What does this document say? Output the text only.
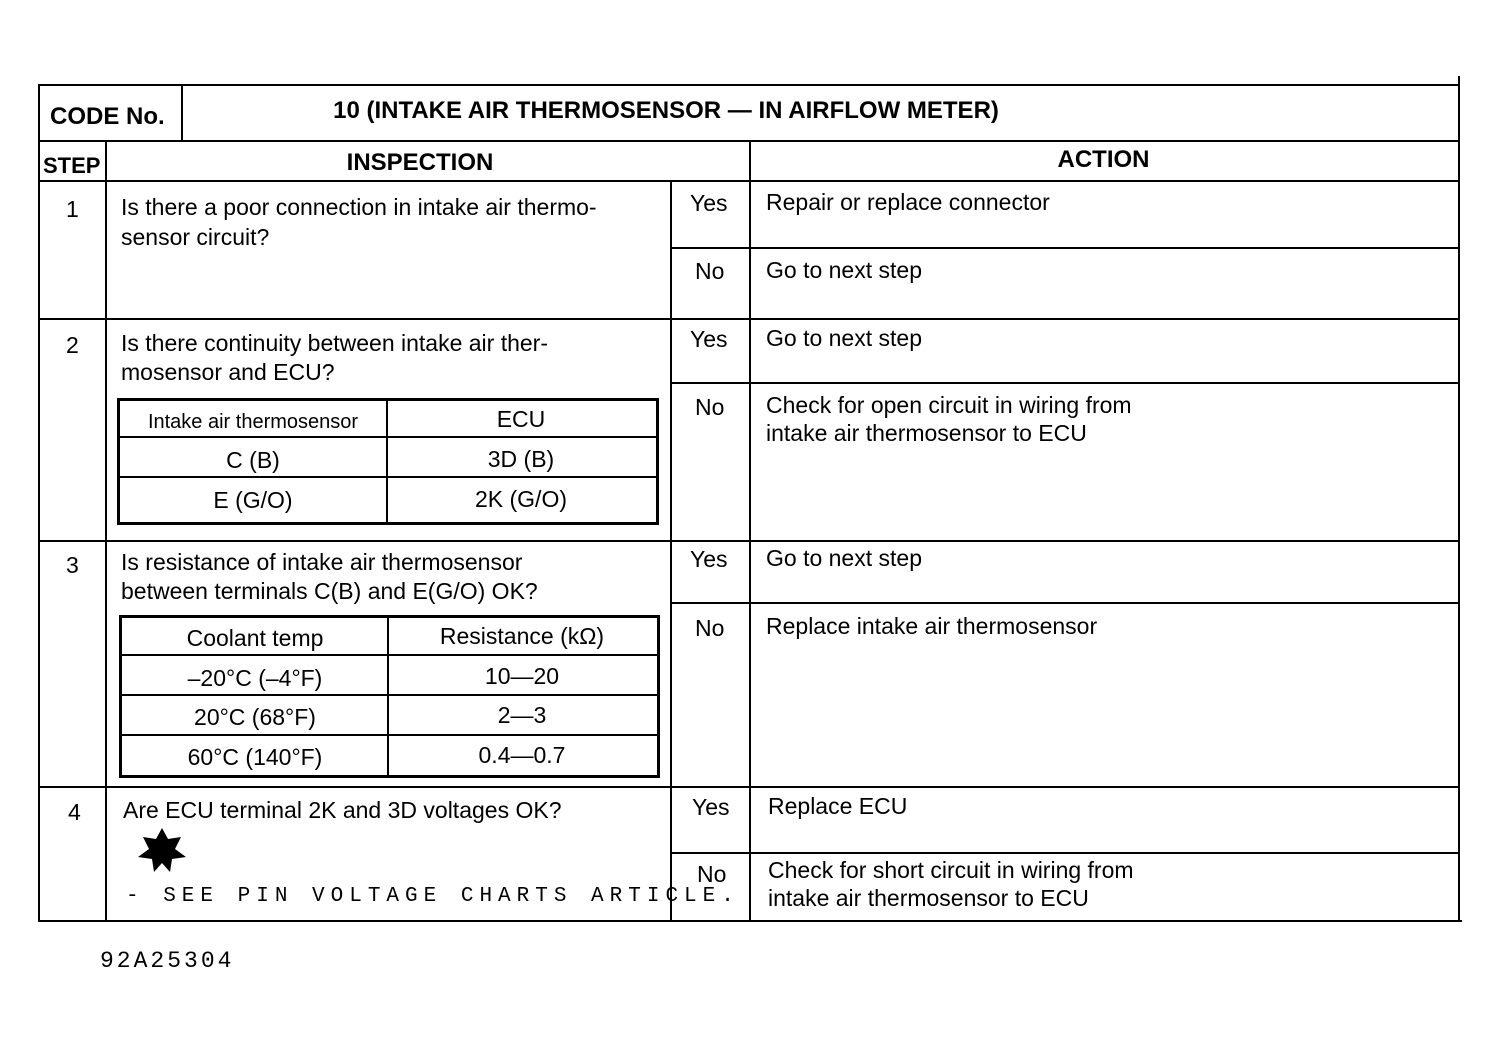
CODE No.	10 (INTAKE AIR THERMOSENSOR — IN AIRFLOW METER)
STEP	INSPECTION	ACTION
1 Is there a poor connection in intake air thermo-
sensor circuit?
Yes Repair or replace connector
No Go to next step
2 Is there continuity between intake air ther-
mosensor and ECU?
Yes Go to next step
No Check for open circuit in wiring from
intake air thermosensor to ECU
Intake air thermosensor	ECU
C (B)	3D (B)
E (G/O)	2K (G/O)
3 Is resistance of intake air thermosensor
between terminals C(B) and E(G/O) OK?
Yes Go to next step
No Replace intake air thermosensor
Coolant temp	Resistance (kΩ)
–20°C (–4°F)	10—20
20°C (68°F)	2—3
60°C (140°F)	0.4—0.7
4 Are ECU terminal 2K and 3D voltages OK?
- SEE PIN VOLTAGE CHARTS ARTICLE.
Yes Replace ECU
No Check for short circuit in wiring from
intake air thermosensor to ECU
92A25304
